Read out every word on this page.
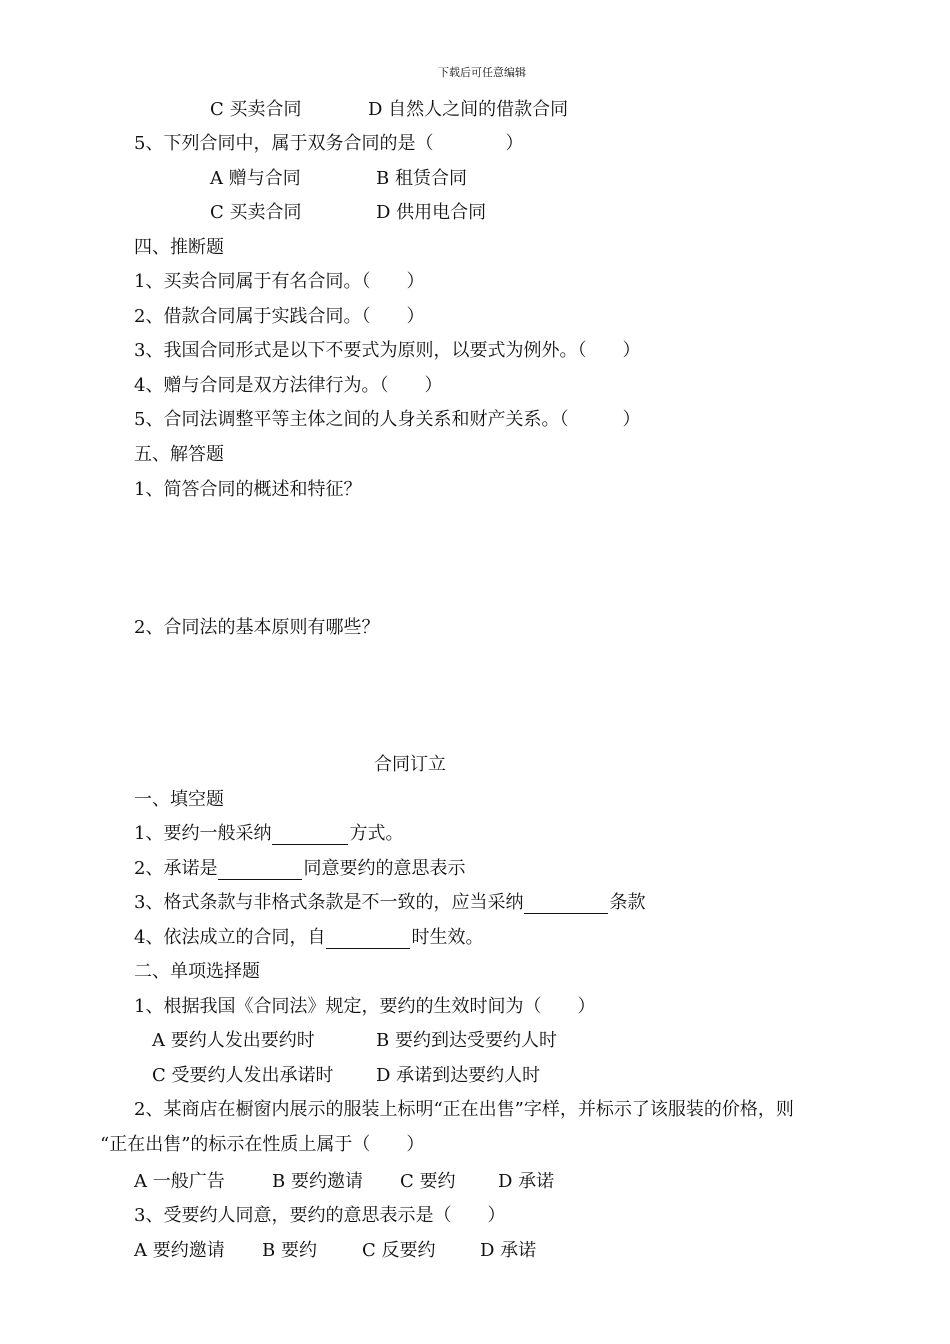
下载后可任意编辑
C 买卖合同	D 自然人之间的借款合同
5、下列合同中，属于双务合同的是（　　　　）
A 赠与合同	B 租赁合同
C 买卖合同	D 供用电合同
四、推断题
1、买卖合同属于有名合同。（　　）
2、借款合同属于实践合同。（　　）
3、我国合同形式是以下不要式为原则，以要式为例外。（　　）
4、赠与合同是双方法律行为。（　　）
5、合同法调整平等主体之间的人身关系和财产关系。（　　　）
五、解答题
1、简答合同的概述和特征？
2、合同法的基本原则有哪些？
合同订立
一、填空题
1、要约一般采纳	方式。
2、承诺是	同意要约的意思表示
3、格式条款与非格式条款是不一致的，应当采纳	条款
4、依法成立的合同，自	时生效。
二、单项选择题
1、根据我国《合同法》规定，要约的生效时间为（　　）
A 要约人发出要约时	B 要约到达受要约人时
C 受要约人发出承诺时 D 承诺到达要约人时
2、某商店在橱窗内展示的服装上标明“正在出售”字样，并标示了该服装的价格，则
“正在出售”的标示在性质上属于（　　）
A 一般广告	B 要约邀请 C 要约 D 承诺
3、受要约人同意，要约的意思表示是（　　）
A 要约邀请 B 要约	C 反要约 D 承诺
